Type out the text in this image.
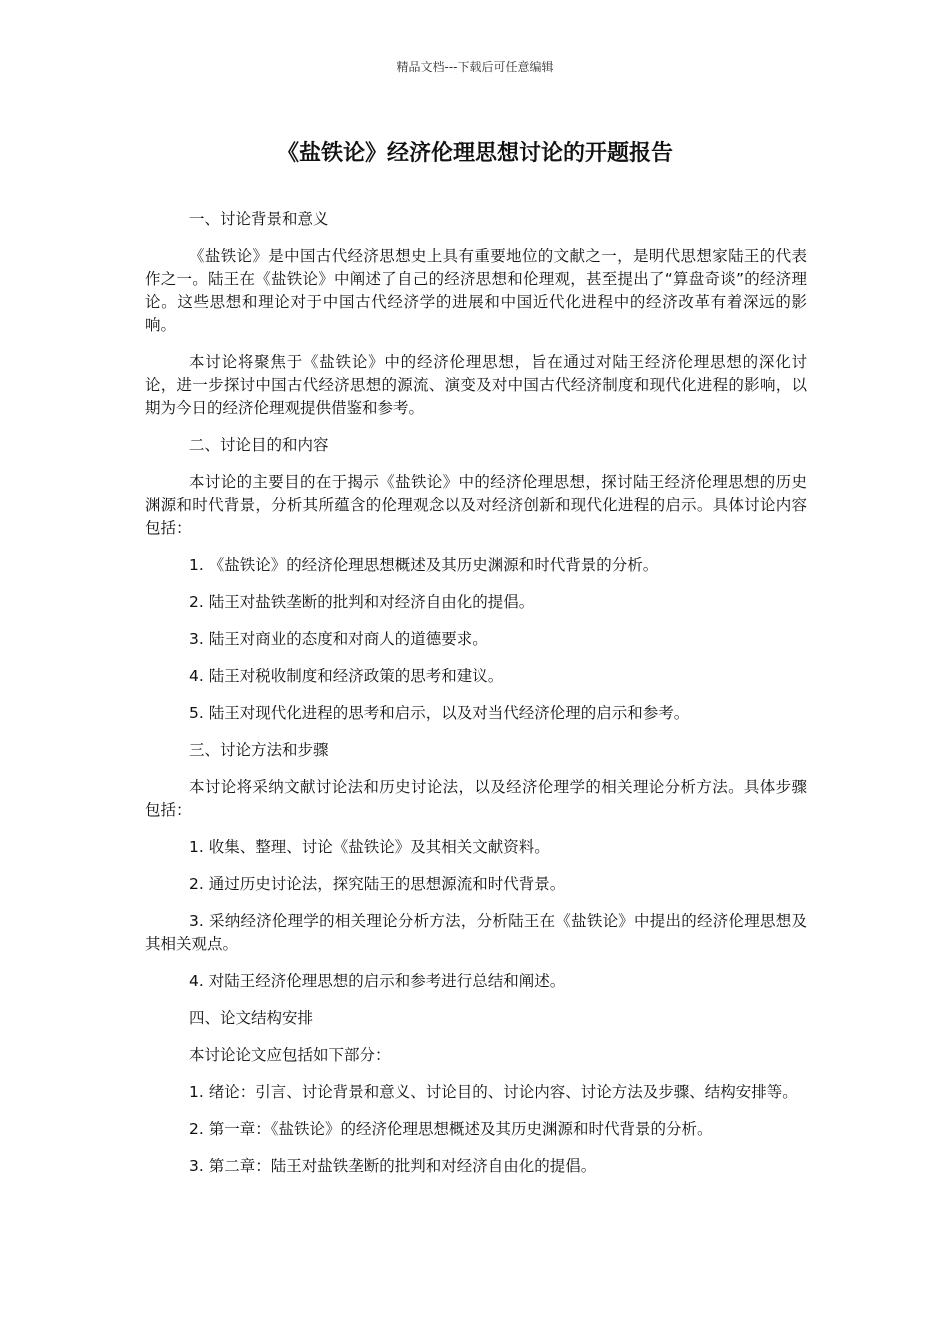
精品文档---下载后可任意编辑
《盐铁论》经济伦理思想讨论的开题报告

一、讨论背景和意义

《盐铁论》是中国古代经济思想史上具有重要地位的文献之一，是明代思想家陆王的代表作之一。陆王在《盐铁论》中阐述了自己的经济思想和伦理观，甚至提出了“算盘奇谈”的经济理论。这些思想和理论对于中国古代经济学的进展和中国近代化进程中的经济改革有着深远的影响。

本讨论将聚焦于《盐铁论》中的经济伦理思想，旨在通过对陆王经济伦理思想的深化讨论，进一步探讨中国古代经济思想的源流、演变及对中国古代经济制度和现代化进程的影响，以期为今日的经济伦理观提供借鉴和参考。

二、讨论目的和内容

本讨论的主要目的在于揭示《盐铁论》中的经济伦理思想，探讨陆王经济伦理思想的历史渊源和时代背景，分析其所蕴含的伦理观念以及对经济创新和现代化进程的启示。具体讨论内容包括：

1. 《盐铁论》的经济伦理思想概述及其历史渊源和时代背景的分析。

2. 陆王对盐铁垄断的批判和对经济自由化的提倡。

3. 陆王对商业的态度和对商人的道德要求。

4. 陆王对税收制度和经济政策的思考和建议。

5. 陆王对现代化进程的思考和启示，以及对当代经济伦理的启示和参考。

三、讨论方法和步骤

本讨论将采纳文献讨论法和历史讨论法，以及经济伦理学的相关理论分析方法。具体步骤包括：

1. 收集、整理、讨论《盐铁论》及其相关文献资料。

2. 通过历史讨论法，探究陆王的思想源流和时代背景。

3. 采纳经济伦理学的相关理论分析方法，分析陆王在《盐铁论》中提出的经济伦理思想及其相关观点。

4. 对陆王经济伦理思想的启示和参考进行总结和阐述。

四、论文结构安排

本讨论论文应包括如下部分：

1. 绪论：引言、讨论背景和意义、讨论目的、讨论内容、讨论方法及步骤、结构安排等。

2. 第一章：《盐铁论》的经济伦理思想概述及其历史渊源和时代背景的分析。

3. 第二章：陆王对盐铁垄断的批判和对经济自由化的提倡。
